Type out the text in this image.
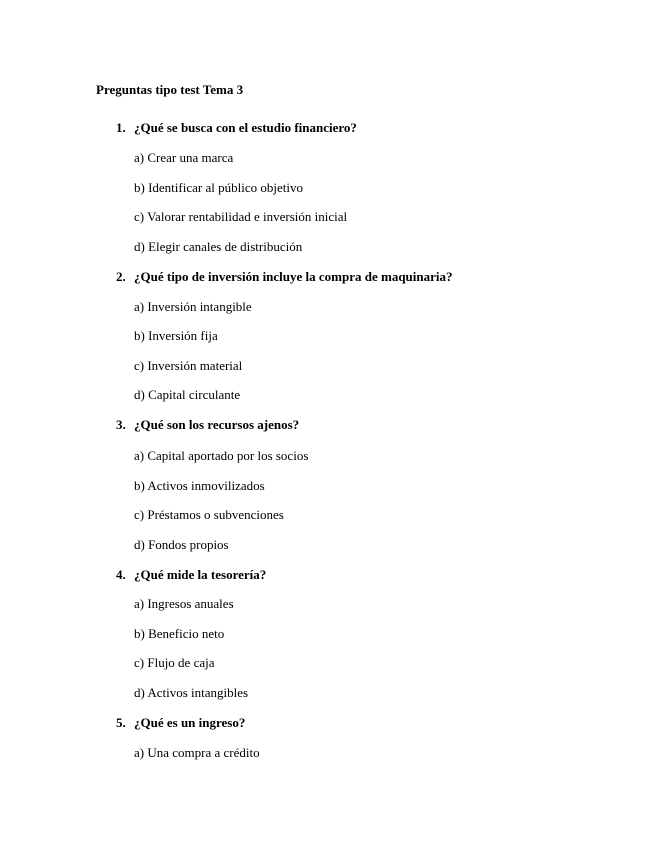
Preguntas tipo test Tema 3
1. ¿Qué se busca con el estudio financiero?
a) Crear una marca
b) Identificar al público objetivo
c) Valorar rentabilidad e inversión inicial
d) Elegir canales de distribución
2. ¿Qué tipo de inversión incluye la compra de maquinaria?
a) Inversión intangible
b) Inversión fija
c) Inversión material
d) Capital circulante
3. ¿Qué son los recursos ajenos?
a) Capital aportado por los socios
b) Activos inmovilizados
c) Préstamos o subvenciones
d) Fondos propios
4. ¿Qué mide la tesorería?
a) Ingresos anuales
b) Beneficio neto
c) Flujo de caja
d) Activos intangibles
5. ¿Qué es un ingreso?
a) Una compra a crédito
